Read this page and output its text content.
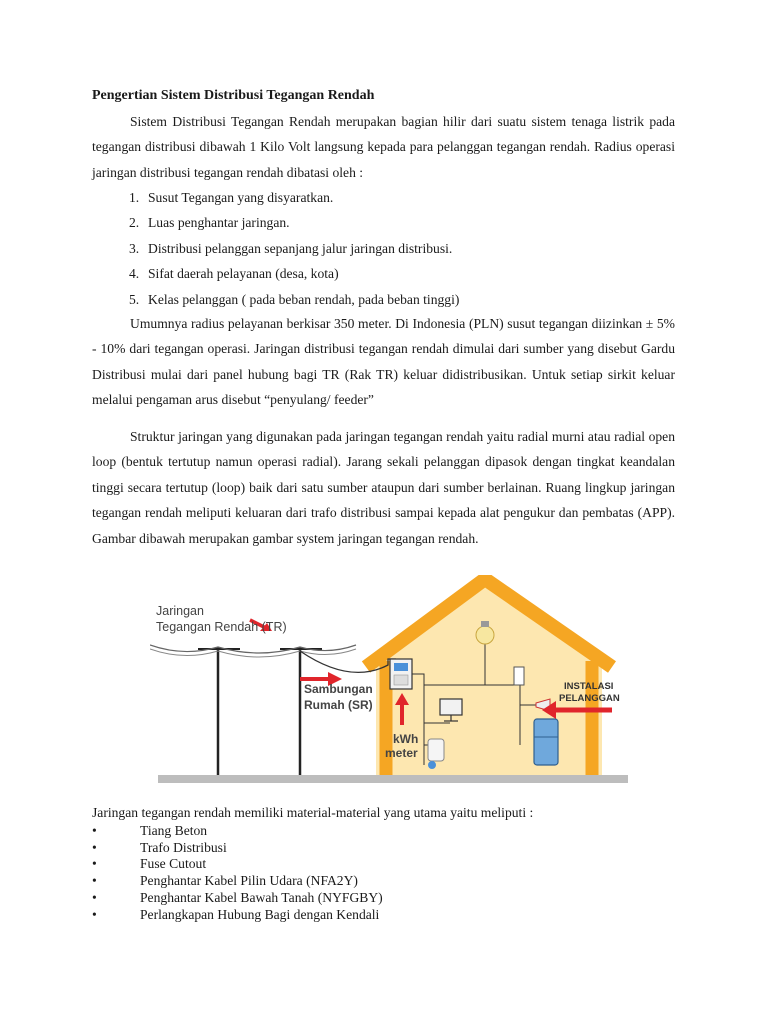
Pengertian Sistem Distribusi Tegangan Rendah

Sistem Distribusi Tegangan Rendah merupakan bagian hilir dari suatu sistem tenaga listrik pada tegangan distribusi dibawah 1 Kilo Volt langsung kepada para pelanggan tegangan rendah. Radius operasi jaringan distribusi tegangan rendah dibatasi oleh :

1. Susut Tegangan yang disyaratkan.
2. Luas penghantar jaringan.
3. Distribusi pelanggan sepanjang jalur jaringan distribusi.
4. Sifat daerah pelayanan (desa, kota)
5. Kelas pelanggan ( pada beban rendah, pada beban tinggi)

Umumnya radius pelayanan berkisar 350 meter. Di Indonesia (PLN) susut tegangan diizinkan ± 5% - 10% dari tegangan operasi. Jaringan distribusi tegangan rendah dimulai dari sumber yang disebut Gardu Distribusi mulai dari panel hubung bagi TR (Rak TR) keluar didistribusikan. Untuk setiap sirkit keluar melalui pengaman arus disebut “penyulang/ feeder”

Struktur jaringan yang digunakan pada jaringan tegangan rendah yaitu radial murni atau radial open loop (bentuk tertutup namun operasi radial). Jarang sekali pelanggan dipasok dengan tingkat keandalan tinggi secara tertutup (loop) baik dari satu sumber ataupun dari sumber berlainan. Ruang lingkup jaringan tegangan rendah meliputi keluaran dari trafo distribusi sampai kepada alat pengukur dan pembatas (APP). Gambar dibawah merupakan gambar system jaringan tegangan rendah.

Jaringan
Tegangan Rendah (TR)
Sambungan
Rumah (SR)
kWh
meter
INSTALASI
PELANGGAN

Jaringan tegangan rendah memiliki material-material yang utama yaitu meliputi :

•	Tiang Beton
•	Trafo Distribusi
•	Fuse Cutout
•	Penghantar Kabel Pilin Udara (NFA2Y)
•	Penghantar Kabel Bawah Tanah (NYFGBY)
•	Perlangkapan Hubung Bagi dengan Kendali
